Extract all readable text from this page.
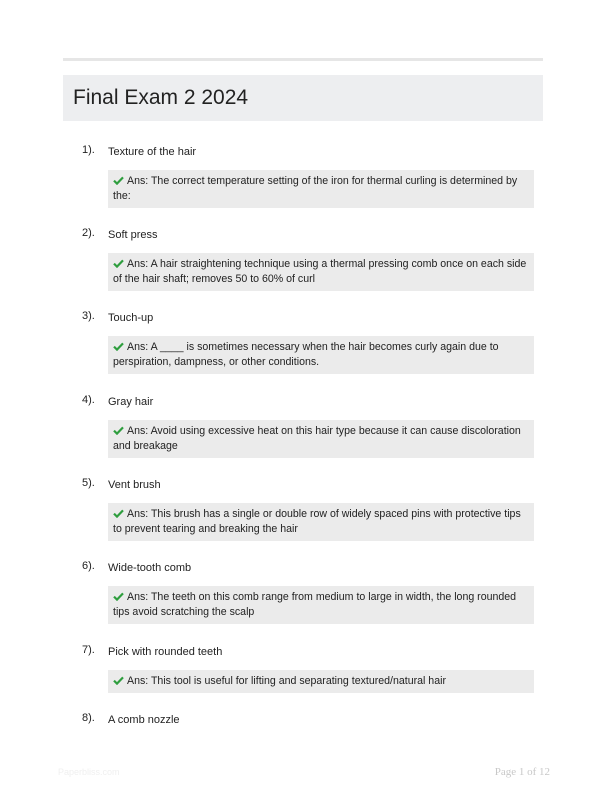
Final Exam 2 2024
1). Texture of the hair
Ans: The correct temperature setting of the iron for thermal curling is determined by the:
2). Soft press
Ans: A hair straightening technique using a thermal pressing comb once on each side of the hair shaft; removes 50 to 60% of curl
3). Touch-up
Ans: A ____ is sometimes necessary when the hair becomes curly again due to perspiration, dampness, or other conditions.
4). Gray hair
Ans: Avoid using excessive heat on this hair type because it can cause discoloration and breakage
5). Vent brush
Ans: This brush has a single or double row of widely spaced pins with protective tips to prevent tearing and breaking the hair
6). Wide-tooth comb
Ans: The teeth on this comb range from medium to large in width, the long rounded tips avoid scratching the scalp
7). Pick with rounded teeth
Ans: This tool is useful for lifting and separating textured/natural hair
8). A comb nozzle
Paperbliss.com	Page 1 of 12
